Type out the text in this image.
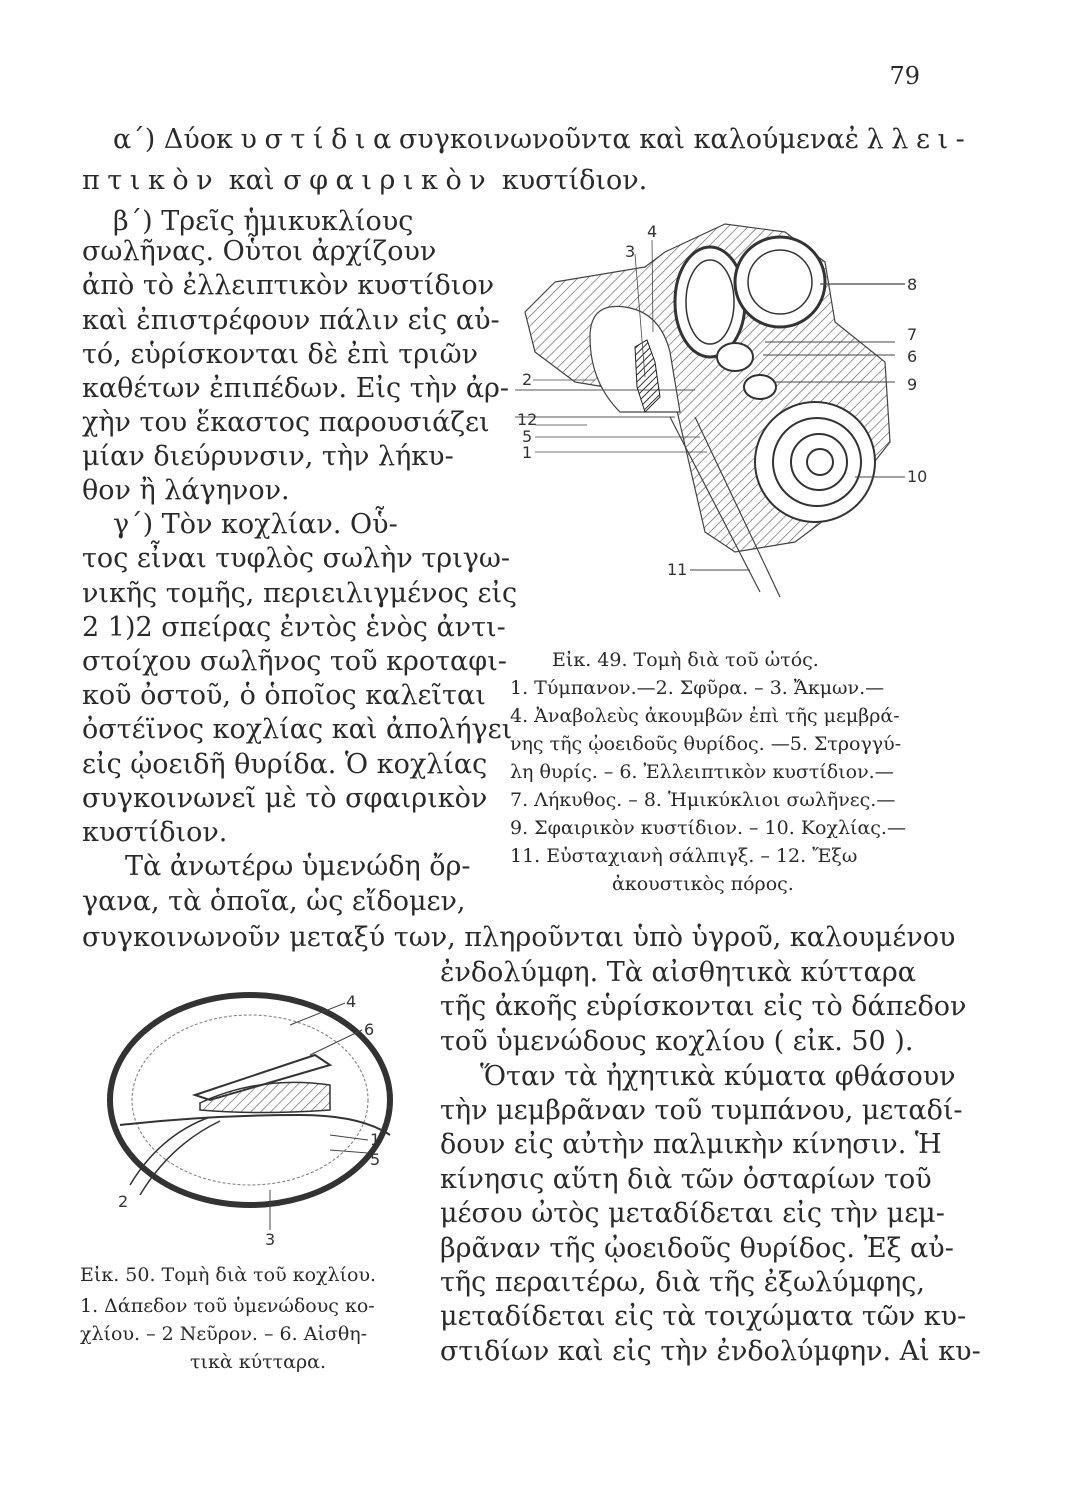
79
α΄) Δύο κυστίδια συγκοινωνοῦντα καὶ καλούμενα ἐλλει-
πτικὸν καὶ σφαιρικὸν κυστίδιον.
β΄) Τρεῖς ἡμικυκλίους
σωλῆνας. Οὗτοι ἀρχίζουν
ἀπὸ τὸ ἐλλειπτικὸν κυστίδιον
καὶ ἐπιστρέφουν πάλιν εἰς αὐ-
τό, εὑρίσκονται δὲ ἐπὶ τριῶν
καθέτων ἐπιπέδων. Εἰς τὴν ἀρ-
χὴν του ἕκαστος παρουσιάζει
μίαν διεύρυνσιν, τὴν λήκυ-
θον ἢ λάγηνον.
γ΄) Τὸν κοχλίαν. Οὗ-
τος εἶναι τυφλὸς σωλὴν τριγω-
νικῆς τομῆς, περιειλιγμένος εἰς
2 1)2 σπείρας ἐντὸς ἑνὸς ἀντι-
στοίχου σωλῆνος τοῦ κροταφι-
κοῦ ὀστοῦ, ὁ ὁποῖος καλεῖται
ὀστέϊνος κοχλίας καὶ ἀπολήγει
εἰς ᾠοειδῆ θυρίδα. Ὁ κοχλίας
συγκοινωνεῖ μὲ τὸ σφαιρικὸν
κυστίδιον.
Τὰ ἀνωτέρω ὑμενώδη ὄρ-
γανα, τὰ ὁποῖα, ὡς εἴδομεν,
συγκοινωνοῦν μεταξύ των, πληροῦνται ὑπὸ ὑγροῦ, καλουμένου
ἐνδολύμφη. Τὰ αἰσθητικὰ κύτταρα
τῆς ἀκοῆς εὑρίσκονται εἰς τὸ δάπεδον
τοῦ ὑμενώδους κοχλίου ( εἰκ. 50 ).
Ὅταν τὰ ἠχητικὰ κύματα φθάσουν
τὴν μεμβρᾶναν τοῦ τυμπάνου, μεταδί-
δουν εἰς αὐτὴν παλμικὴν κίνησιν. Ἡ
κίνησις αὕτη διὰ τῶν ὀσταρίων τοῦ
μέσου ὠτὸς μεταδίδεται εἰς τὴν μεμ-
βρᾶναν τῆς ᾠοειδοῦς θυρίδος. Ἐξ αὐ-
τῆς περαιτέρω, διὰ τῆς ἐξωλύμφης,
μεταδίδεται εἰς τὰ τοιχώματα τῶν κυ-
στιδίων καὶ εἰς τὴν ἐνδολύμφην. Αἱ κυ-
3
4
8
7
6
9
2
12
5
1
10
11
Εἰκ. 49. Τομὴ διὰ τοῦ ὠτός.
1. Τύμπανον.—2. Σφῦρα. – 3. Ἄκμων.—
4. Ἀναβολεὺς ἀκουμβῶν ἐπὶ τῆς μεμβρά-
νης τῆς ᾠοειδοῦς θυρίδος. —5. Στρογγύ-
λη θυρίς. – 6. Ἐλλειπτικὸν κυστίδιον.—
7. Λήκυθος. – 8. Ἡμικύκλιοι σωλῆνες.—
9. Σφαιρικὸν κυστίδιον. – 10. Κοχλίας.—
11. Εὐσταχιανὴ σάλπιγξ. – 12. Ἔξω
ἀκουστικὸς πόρος.
4
6
1
5
2
3
Εἰκ. 50. Τομὴ διὰ τοῦ κοχλίου.
1. Δάπεδον τοῦ ὑμενώδους κο-
χλίου. – 2 Νεῦρον. – 6. Αἰσθη-
τικὰ κύτταρα.
